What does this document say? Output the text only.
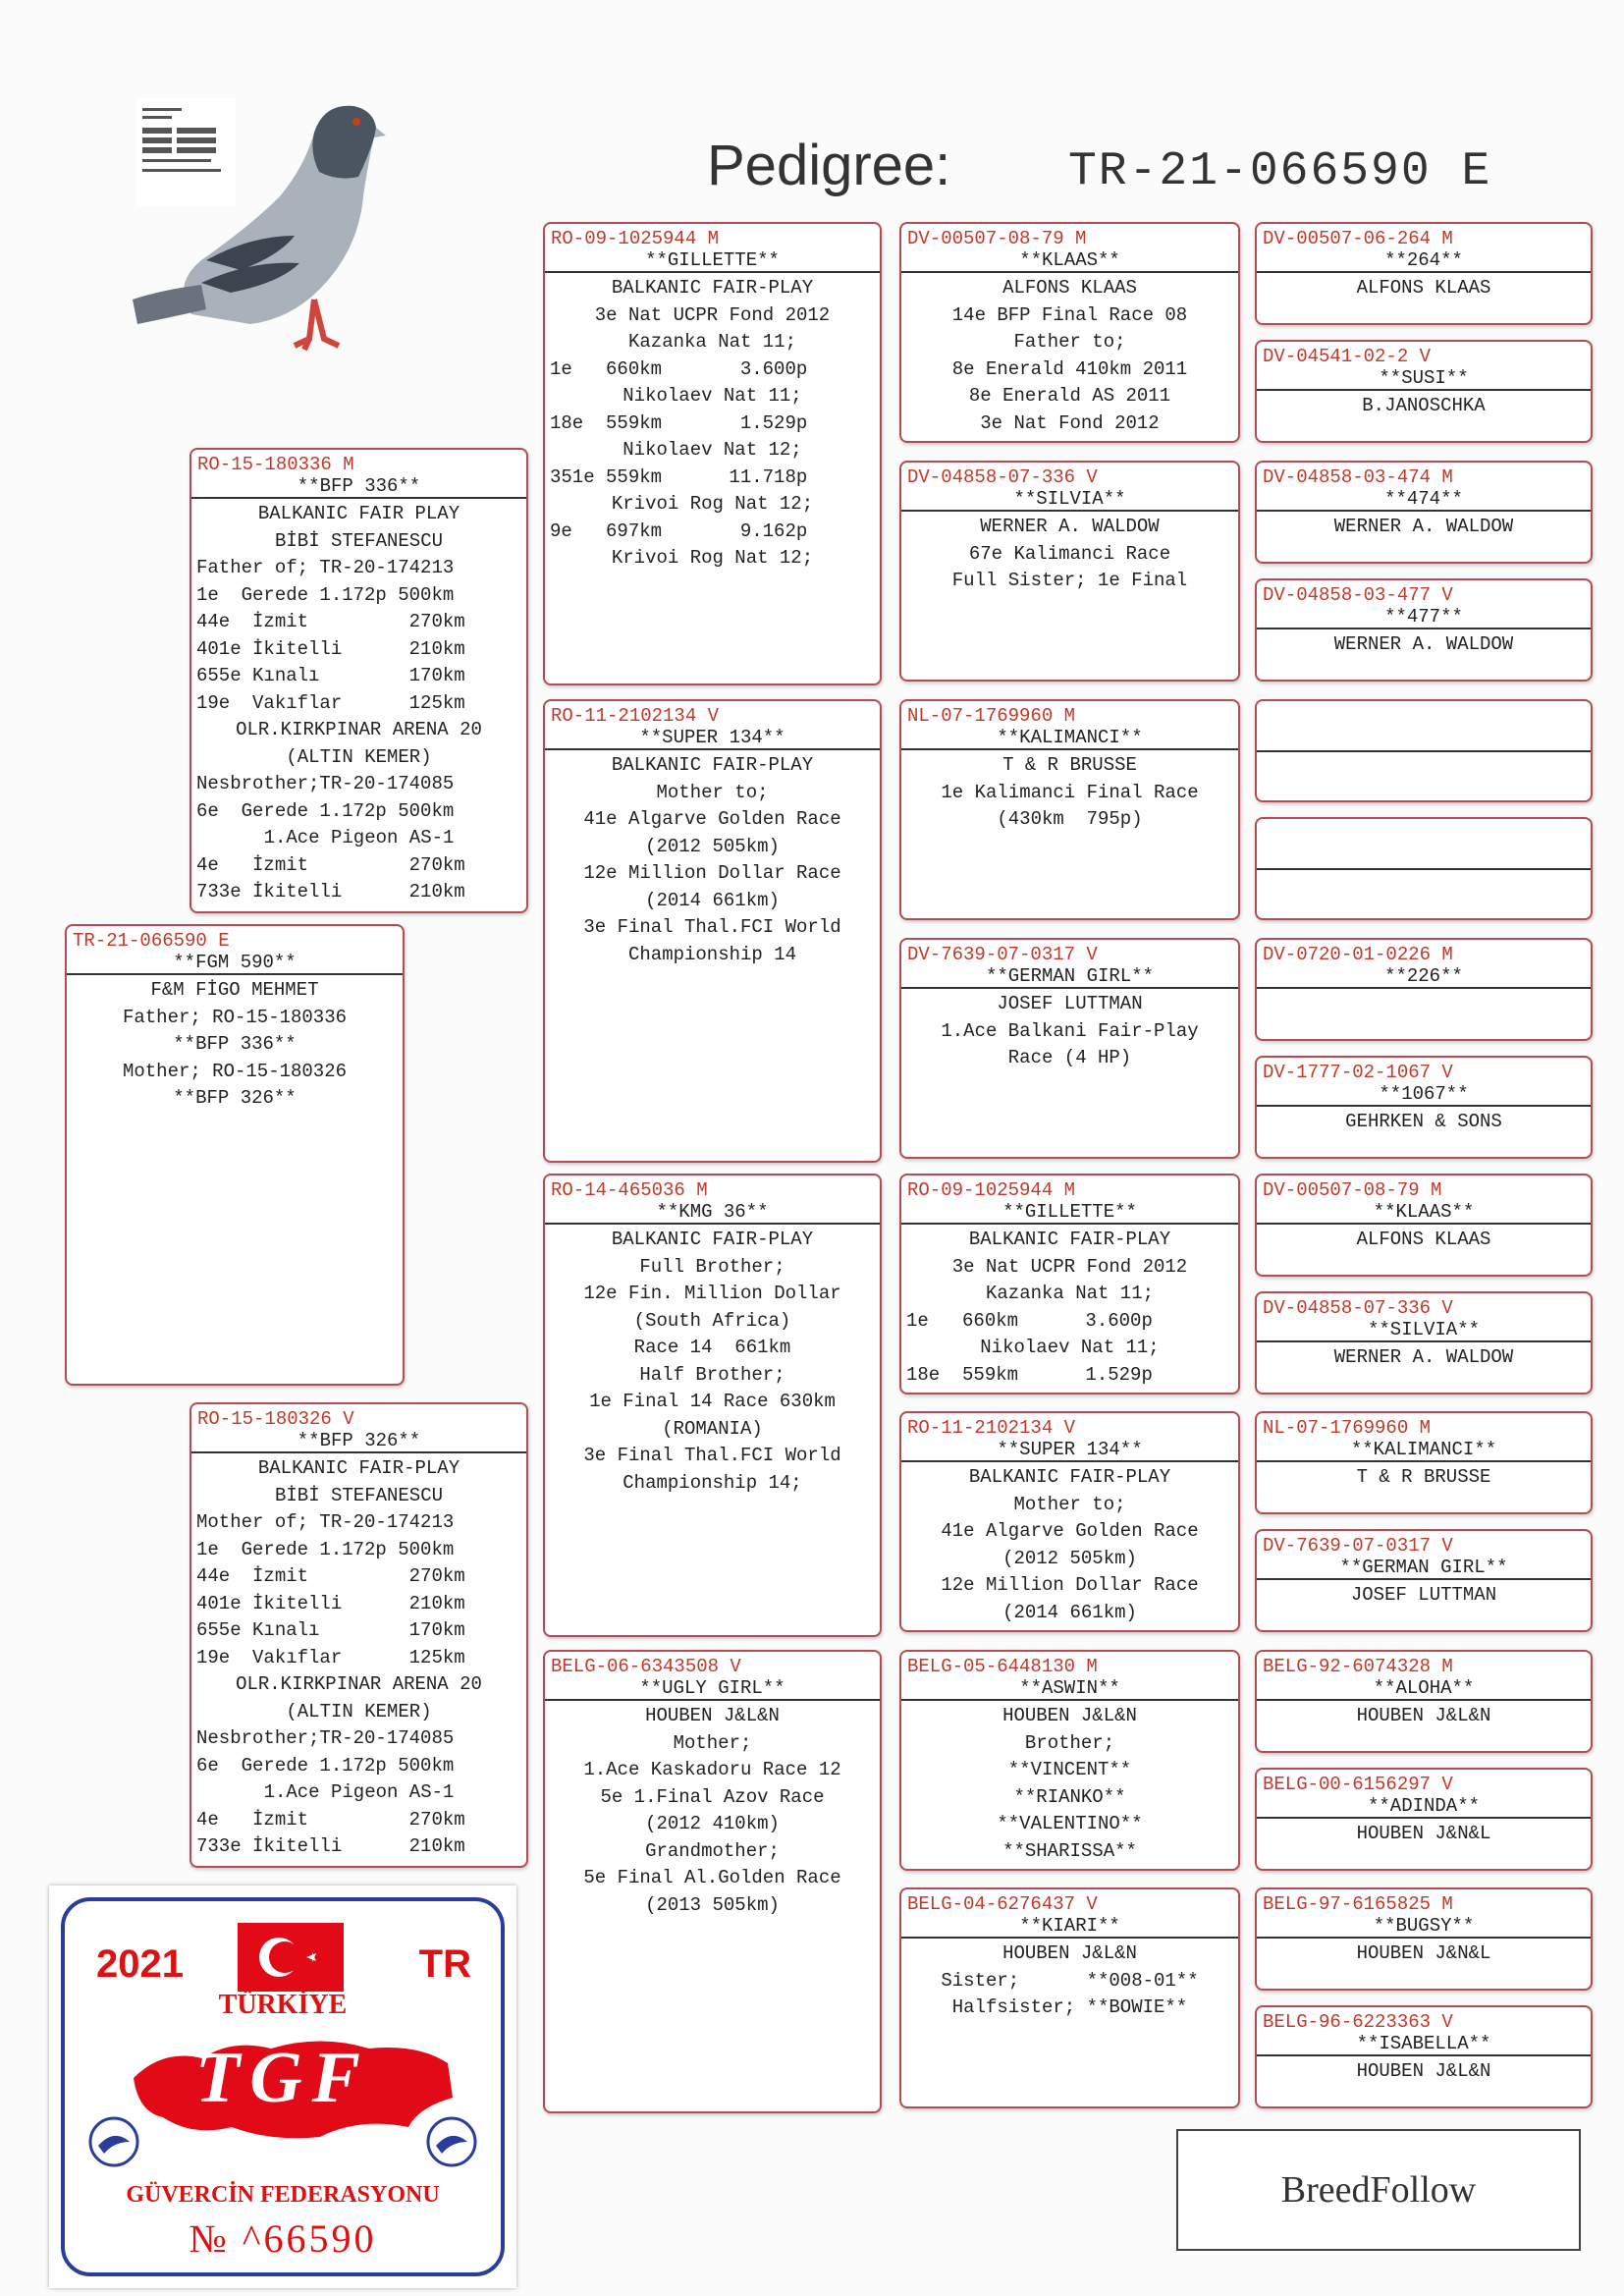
Pedigree: TR-21-066590 E
TR-21-066590 E
**FGM 590**
F&M FİGO MEHMET
Father; RO-15-180336
**BFP 336**
Mother; RO-15-180326
**BFP 326**
RO-15-180336 M
**BFP 336**
BALKANIC FAIR PLAY
BİBİ STEFANESCU
Father of; TR-20-174213
1e  Gerede 1.172p 500km
44e  İzmit         270km
401e İkitelli      210km
655e Kınalı        170km
19e  Vakıflar      125km
OLR.KIRKPINAR ARENA 20
(ALTIN KEMER)
Nesbrother;TR-20-174085
6e  Gerede 1.172p 500km
1.Ace Pigeon AS-1
4e   İzmit         270km
733e İkitelli      210km
RO-15-180326 V
**BFP 326**
BALKANIC FAIR-PLAY
BİBİ STEFANESCU
Mother of; TR-20-174213
1e  Gerede 1.172p 500km
44e  İzmit         270km
401e İkitelli      210km
655e Kınalı        170km
19e  Vakıflar      125km
OLR.KIRKPINAR ARENA 20
(ALTIN KEMER)
Nesbrother;TR-20-174085
6e  Gerede 1.172p 500km
1.Ace Pigeon AS-1
4e   İzmit         270km
733e İkitelli      210km
RO-09-1025944 M
**GILLETTE**
BALKANIC FAIR-PLAY
3e Nat UCPR Fond 2012
Kazanka Nat 11;
1e   660km       3.600p
Nikolaev Nat 11;
18e  559km       1.529p
Nikolaev Nat 12;
351e 559km      11.718p
Krivoi Rog Nat 12;
9e   697km       9.162p
Krivoi Rog Nat 12;
RO-11-2102134 V
**SUPER 134**
BALKANIC FAIR-PLAY
Mother to;
41e Algarve Golden Race
(2012 505km)
12e Million Dollar Race
(2014 661km)
3e Final Thal.FCI World
Championship 14
RO-14-465036 M
**KMG 36**
BALKANIC FAIR-PLAY
Full Brother;
12e Fin. Million Dollar
(South Africa)
Race 14  661km
Half Brother;
1e Final 14 Race 630km
(ROMANIA)
3e Final Thal.FCI World
Championship 14;
BELG-06-6343508 V
**UGLY GIRL**
HOUBEN J&L&N
Mother;
1.Ace Kaskadoru Race 12
5e 1.Final Azov Race
(2012 410km)
Grandmother;
5e Final Al.Golden Race
(2013 505km)
DV-00507-08-79 M
**KLAAS**
ALFONS KLAAS
14e BFP Final Race 08
Father to;
8e Enerald 410km 2011
8e Enerald AS 2011
3e Nat Fond 2012
DV-04858-07-336 V
**SILVIA**
WERNER A. WALDOW
67e Kalimanci Race
Full Sister; 1e Final
NL-07-1769960 M
**KALIMANCI**
T & R BRUSSE
1e Kalimanci Final Race
(430km  795p)
DV-7639-07-0317 V
**GERMAN GIRL**
JOSEF LUTTMAN
1.Ace Balkani Fair-Play
Race (4 HP)
RO-09-1025944 M
**GILLETTE**
BALKANIC FAIR-PLAY
3e Nat UCPR Fond 2012
Kazanka Nat 11;
1e   660km      3.600p
Nikolaev Nat 11;
18e  559km      1.529p
RO-11-2102134 V
**SUPER 134**
BALKANIC FAIR-PLAY
Mother to;
41e Algarve Golden Race
(2012 505km)
12e Million Dollar Race
(2014 661km)
BELG-05-6448130 M
**ASWIN**
HOUBEN J&L&N
Brother;
**VINCENT**
**RIANKO**
**VALENTINO**
**SHARISSA**
BELG-04-6276437 V
**KIARI**
HOUBEN J&L&N
Sister;      **008-01**
Halfsister; **BOWIE**
DV-00507-06-264 M
**264**
ALFONS KLAAS
DV-04541-02-2 V
**SUSI**
B.JANOSCHKA
DV-04858-03-474 M
**474**
WERNER A. WALDOW
DV-04858-03-477 V
**477**
WERNER A. WALDOW
DV-0720-01-0226 M
**226**
DV-1777-02-1067 V
**1067**
GEHRKEN & SONS
DV-00507-08-79 M
**KLAAS**
ALFONS KLAAS
DV-04858-07-336 V
**SILVIA**
WERNER A. WALDOW
NL-07-1769960 M
**KALIMANCI**
T & R BRUSSE
DV-7639-07-0317 V
**GERMAN GIRL**
JOSEF LUTTMAN
BELG-92-6074328 M
**ALOHA**
HOUBEN J&L&N
BELG-00-6156297 V
**ADINDA**
HOUBEN J&N&L
BELG-97-6165825 M
**BUGSY**
HOUBEN J&N&L
BELG-96-6223363 V
**ISABELLA**
HOUBEN J&L&N
2021	TR
TÜRKİYE
TGF
GÜVERCİN FEDERASYONU
№ ^66590
BreedFollow
